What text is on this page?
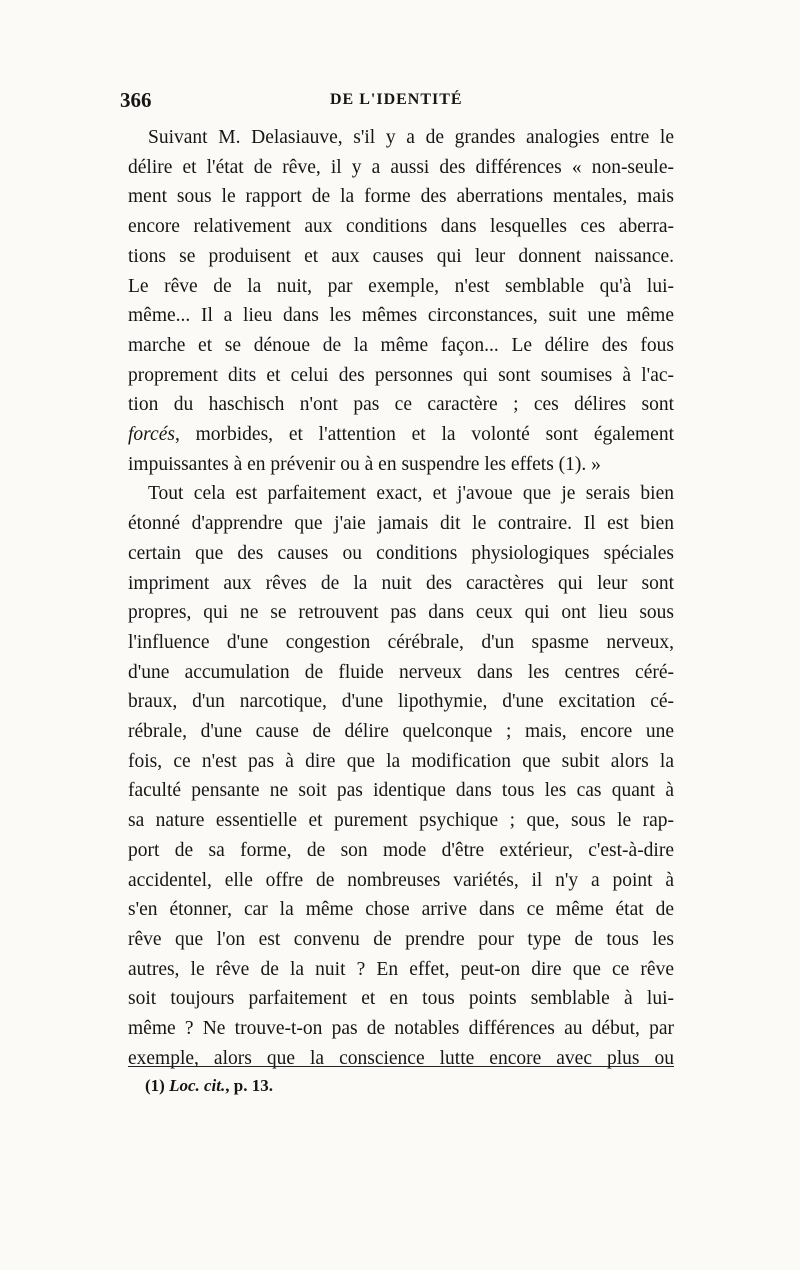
366	DE L'IDENTITÉ
Suivant M. Delasiauve, s'il y a de grandes analogies entre le
délire et l'état de rêve, il y a aussi des différences « non-seule-
ment sous le rapport de la forme des aberrations mentales, mais
encore relativement aux conditions dans lesquelles ces aberra-
tions se produisent et aux causes qui leur donnent naissance.
Le rêve de la nuit, par exemple, n'est semblable qu'à lui-
même... Il a lieu dans les mêmes circonstances, suit une même
marche et se dénoue de la même façon... Le délire des fous
proprement dits et celui des personnes qui sont soumises à l'ac-
tion du haschisch n'ont pas ce caractère ; ces délires sont
forcés, morbides, et l'attention et la volonté sont également
impuissantes à en prévenir ou à en suspendre les effets (1). »
Tout cela est parfaitement exact, et j'avoue que je serais bien
étonné d'apprendre que j'aie jamais dit le contraire. Il est bien
certain que des causes ou conditions physiologiques spéciales
impriment aux rêves de la nuit des caractères qui leur sont
propres, qui ne se retrouvent pas dans ceux qui ont lieu sous
l'influence d'une congestion cérébrale, d'un spasme nerveux,
d'une accumulation de fluide nerveux dans les centres céré-
braux, d'un narcotique, d'une lipothymie, d'une excitation cé-
rébrale, d'une cause de délire quelconque ; mais, encore une
fois, ce n'est pas à dire que la modification que subit alors la
faculté pensante ne soit pas identique dans tous les cas quant à
sa nature essentielle et purement psychique ; que, sous le rap-
port de sa forme, de son mode d'être extérieur, c'est-à-dire
accidentel, elle offre de nombreuses variétés, il n'y a point à
s'en étonner, car la même chose arrive dans ce même état de
rêve que l'on est convenu de prendre pour type de tous les
autres, le rêve de la nuit ? En effet, peut-on dire que ce rêve
soit toujours parfaitement et en tous points semblable à lui-
même ? Ne trouve-t-on pas de notables différences au début, par
exemple, alors que la conscience lutte encore avec plus ou
(1) Loc. cit., p. 13.
